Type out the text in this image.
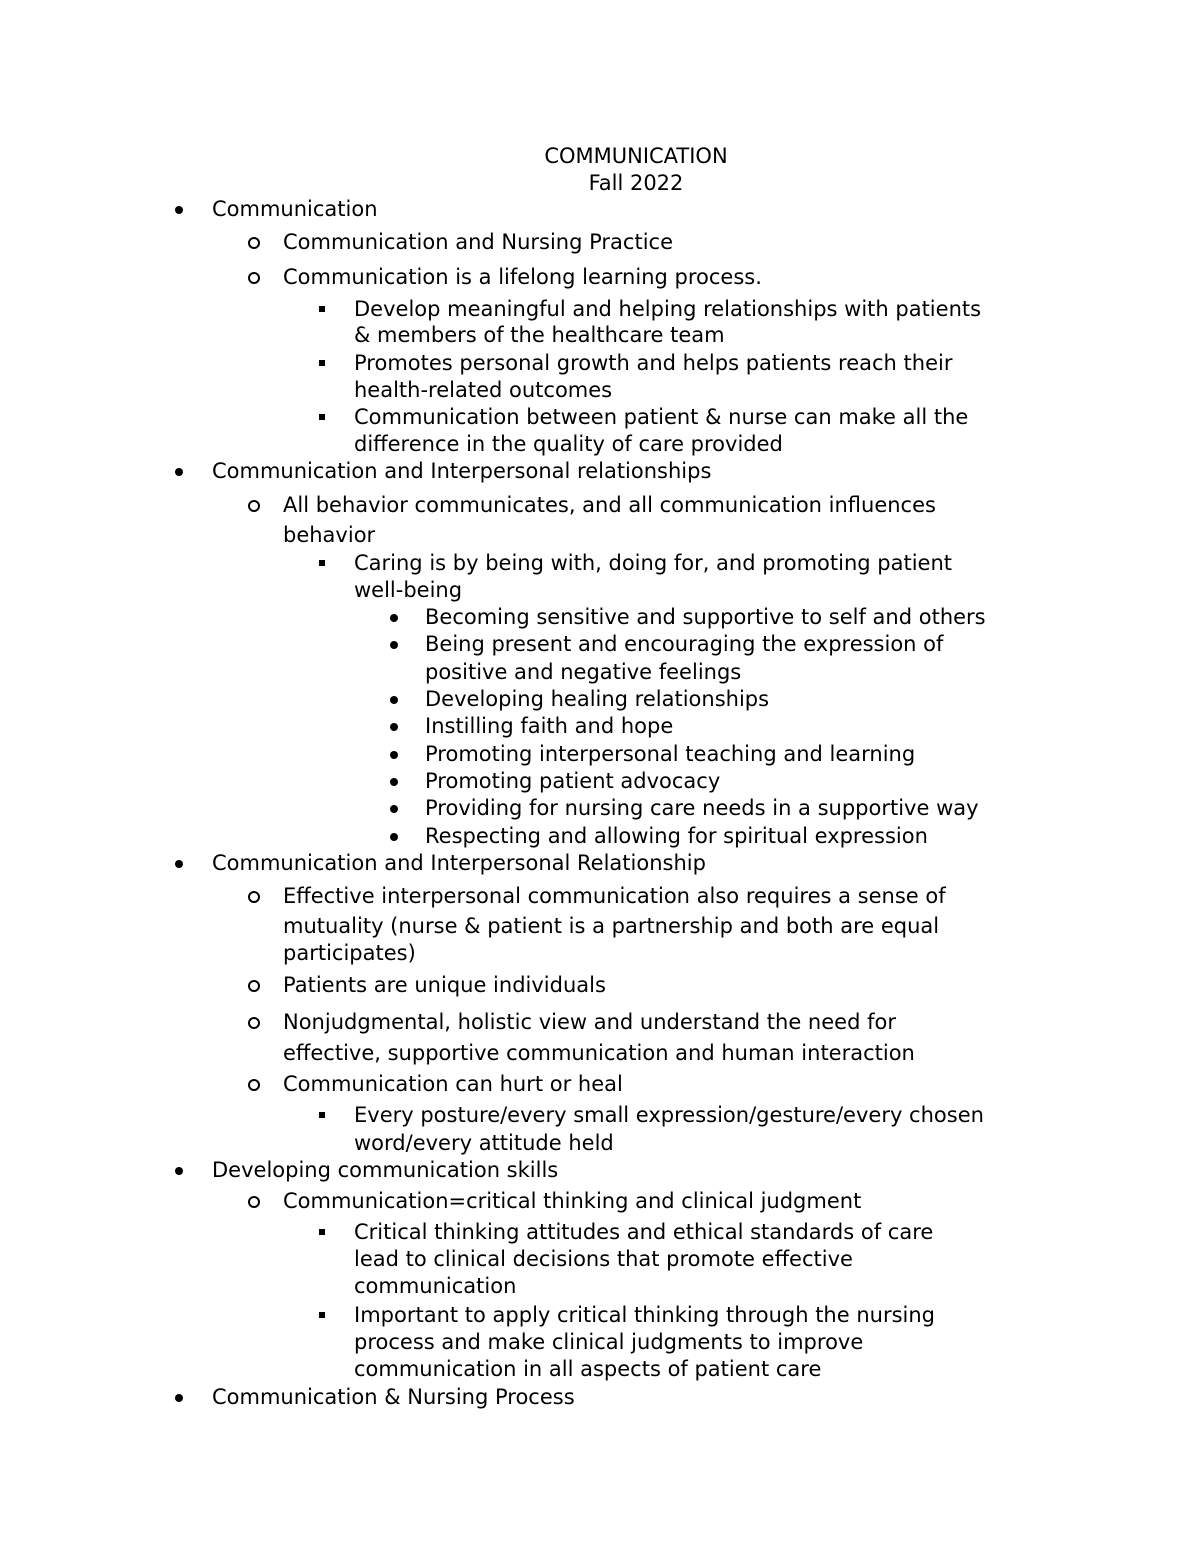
COMMUNICATION
Fall 2022
Communication
Communication and Nursing Practice
Communication is a lifelong learning process.
Develop meaningful and helping relationships with patients
& members of the healthcare team
Promotes personal growth and helps patients reach their
health-related outcomes
Communication between patient & nurse can make all the
difference in the quality of care provided
Communication and Interpersonal relationships
All behavior communicates, and all communication influences
behavior
Caring is by being with, doing for, and promoting patient
well-being
Becoming sensitive and supportive to self and others
Being present and encouraging the expression of
positive and negative feelings
Developing healing relationships
Instilling faith and hope
Promoting interpersonal teaching and learning
Promoting patient advocacy
Providing for nursing care needs in a supportive way
Respecting and allowing for spiritual expression
Communication and Interpersonal Relationship
Effective interpersonal communication also requires a sense of
mutuality (nurse & patient is a partnership and both are equal
participates)
Patients are unique individuals
Nonjudgmental, holistic view and understand the need for
effective, supportive communication and human interaction
Communication can hurt or heal
Every posture/every small expression/gesture/every chosen
word/every attitude held
Developing communication skills
Communication=critical thinking and clinical judgment
Critical thinking attitudes and ethical standards of care
lead to clinical decisions that promote effective
communication
Important to apply critical thinking through the nursing
process and make clinical judgments to improve
communication in all aspects of patient care
Communication & Nursing Process
